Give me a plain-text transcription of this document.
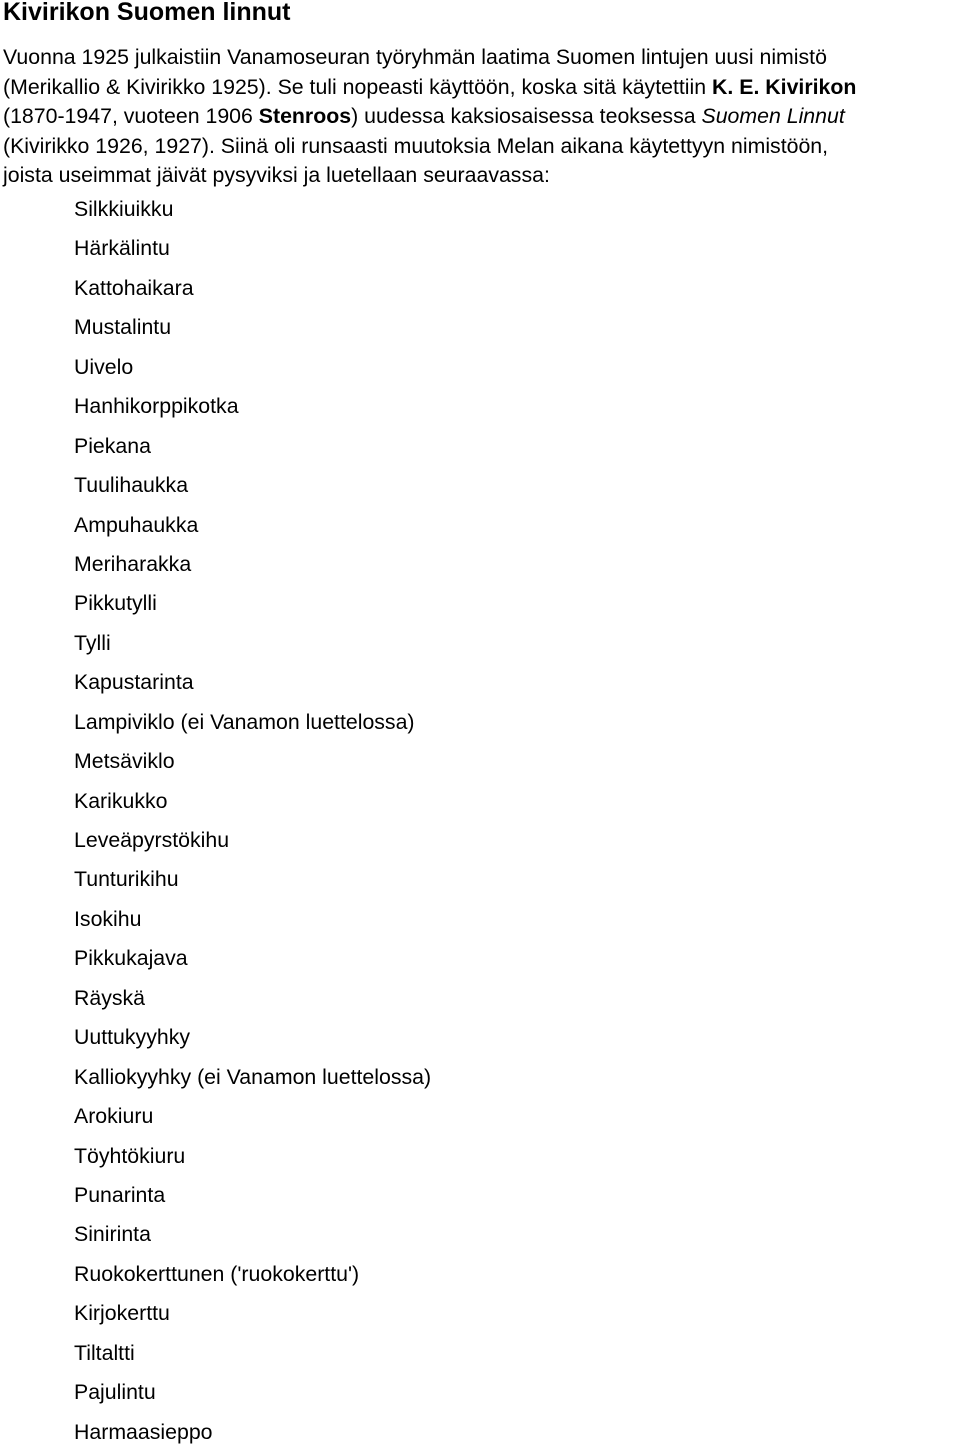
Kivirikon Suomen linnut

Vuonna 1925 julkaistiin Vanamoseuran työryhmän laatima Suomen lintujen uusi nimistö
(Merikallio & Kivirikko 1925). Se tuli nopeasti käyttöön, koska sitä käytettiin K. E. Kivirikon
(1870-1947, vuoteen 1906 Stenroos) uudessa kaksiosaisessa teoksessa Suomen Linnut
(Kivirikko 1926, 1927). Siinä oli runsaasti muutoksia Melan aikana käytettyyn nimistöön,
joista useimmat jäivät pysyviksi ja luetellaan seuraavassa:

Silkkiuikku
Härkälintu
Kattohaikara
Mustalintu
Uivelo
Hanhikorppikotka
Piekana
Tuulihaukka
Ampuhaukka
Meriharakka
Pikkutylli
Tylli
Kapustarinta
Lampiviklo (ei Vanamon luettelossa)
Metsäviklo
Karikukko
Leveäpyrstökihu
Tunturikihu
Isokihu
Pikkukajava
Räyskä
Uuttukyyhky
Kalliokyyhky (ei Vanamon luettelossa)
Arokiuru
Töyhtökiuru
Punarinta
Sinirinta
Ruokokerttunen ('ruokokerttu')
Kirjokerttu
Tiltaltti
Pajulintu
Harmaasieppo
